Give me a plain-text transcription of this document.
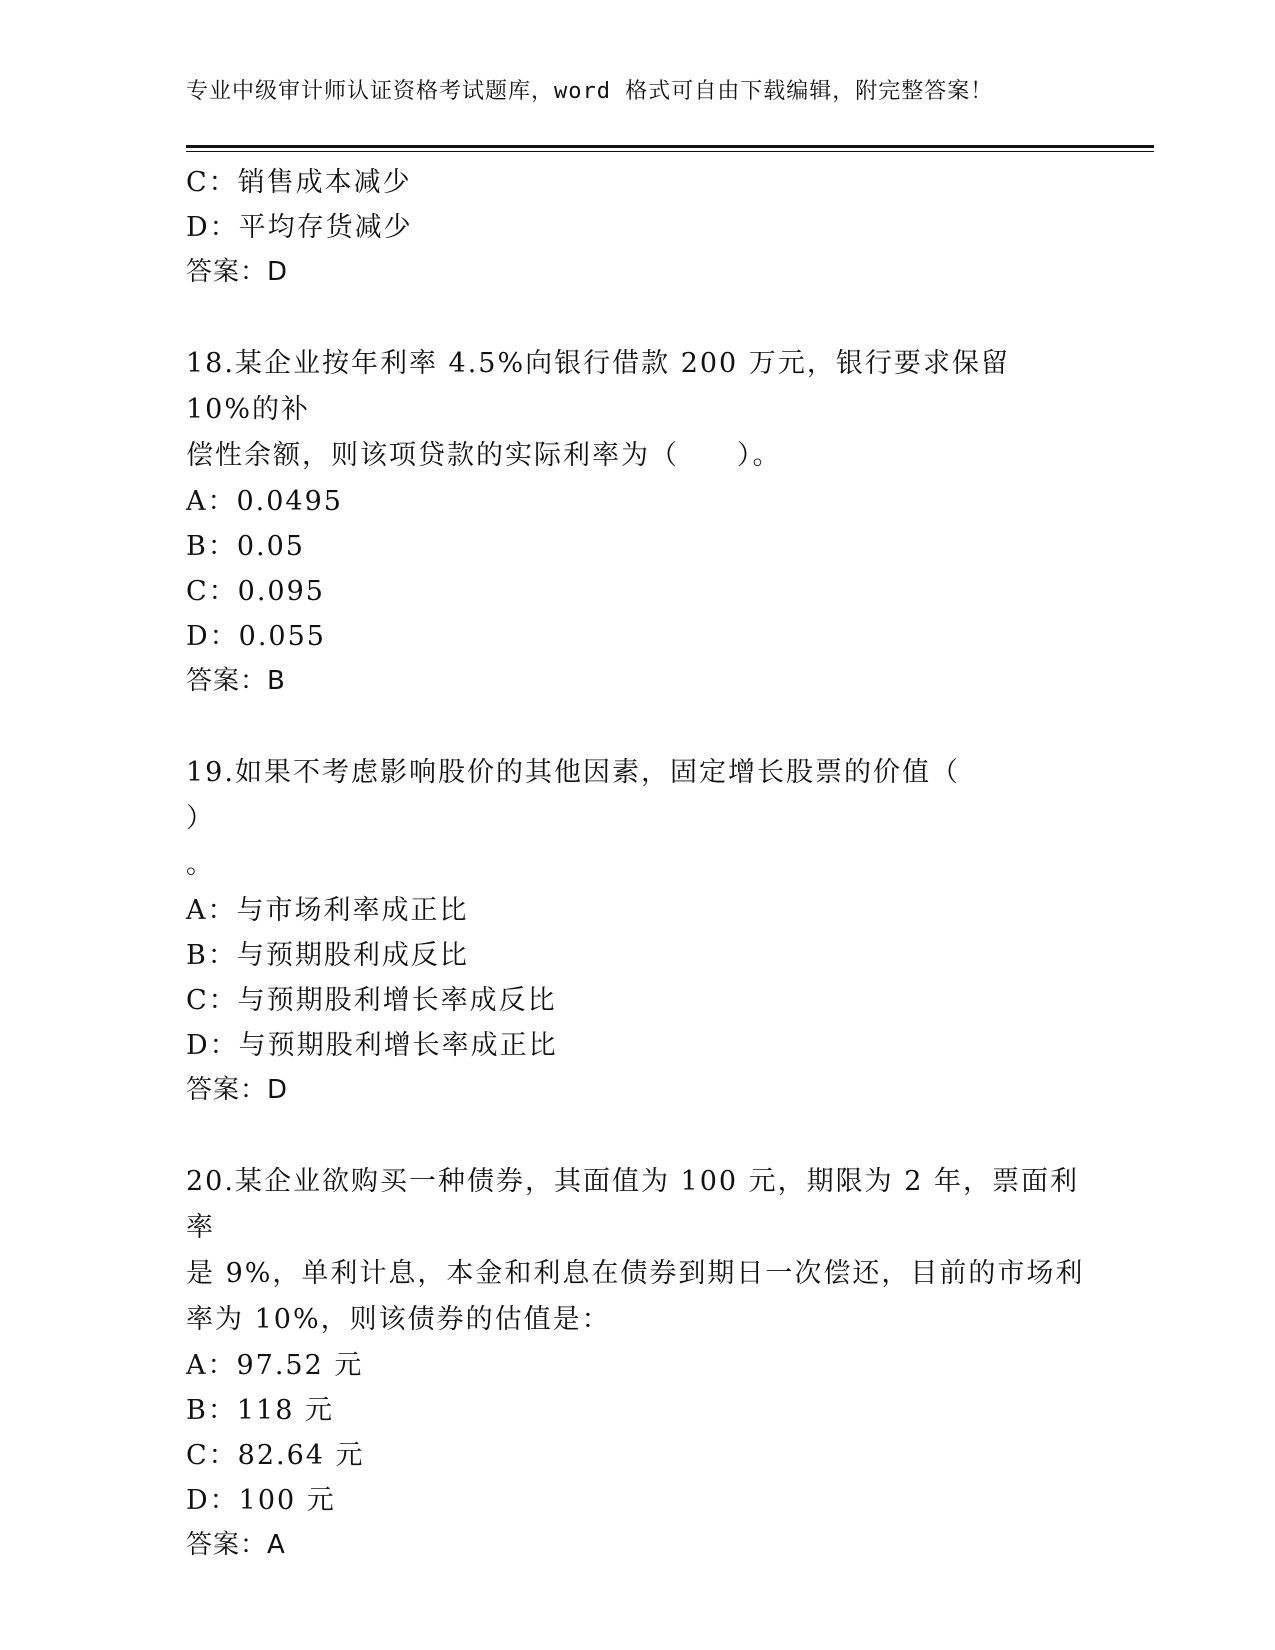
专业中级审计师认证资格考试题库，word 格式可自由下载编辑，附完整答案！
C：销售成本减少
D：平均存货减少
答案：D
18.某企业按年利率 4.5%向银行借款 200 万元，银行要求保留 10%的补
偿性余额，则该项贷款的实际利率为（　　）。
A：0.0495
B：0.05
C：0.095
D：0.055
答案：B
19.如果不考虑影响股价的其他因素，固定增长股票的价值（）
。
A：与市场利率成正比
B：与预期股利成反比
C：与预期股利增长率成反比
D：与预期股利增长率成正比
答案：D
20.某企业欲购买一种债券，其面值为 100 元，期限为 2 年，票面利率
是 9%，单利计息，本金和利息在债券到期日一次偿还，目前的市场利
率为 10%，则该债券的估值是：
A：97.52 元
B：118 元
C：82.64 元
D：100 元
答案：A
